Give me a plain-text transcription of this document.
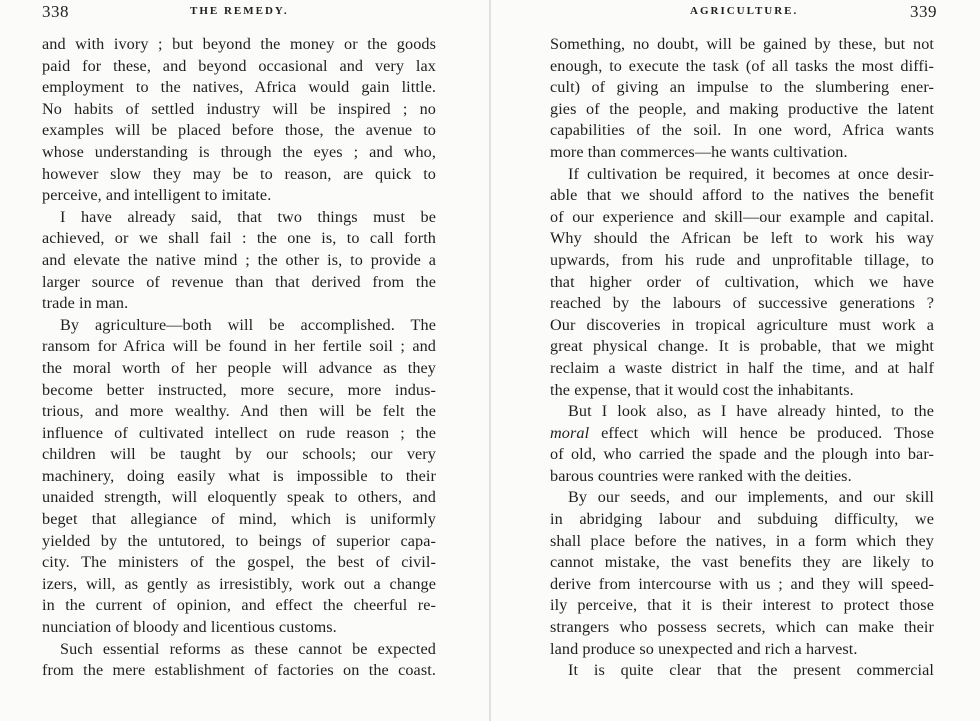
338	THE REMEDY.
and with ivory ; but beyond the money or the goods
paid for these, and beyond occasional and very lax
employment to the natives, Africa would gain little.
No habits of settled industry will be inspired ; no
examples will be placed before those, the avenue to
whose understanding is through the eyes ; and who,
however slow they may be to reason, are quick to
perceive, and intelligent to imitate.
I have already said, that two things must be
achieved, or we shall fail : the one is, to call forth
and elevate the native mind ; the other is, to provide a
larger source of revenue than that derived from the
trade in man.
By agriculture—both will be accomplished. The
ransom for Africa will be found in her fertile soil ; and
the moral worth of her people will advance as they
become better instructed, more secure, more indus-
trious, and more wealthy. And then will be felt the
influence of cultivated intellect on rude reason ; the
children will be taught by our schools; our very
machinery, doing easily what is impossible to their
unaided strength, will eloquently speak to others, and
beget that allegiance of mind, which is uniformly
yielded by the untutored, to beings of superior capa-
city. The ministers of the gospel, the best of civil-
izers, will, as gently as irresistibly, work out a change
in the current of opinion, and effect the cheerful re-
nunciation of bloody and licentious customs.
Such essential reforms as these cannot be expected
from the mere establishment of factories on the coast.
AGRICULTURE.	339
Something, no doubt, will be gained by these, but not
enough, to execute the task (of all tasks the most diffi-
cult) of giving an impulse to the slumbering ener-
gies of the people, and making productive the latent
capabilities of the soil. In one word, Africa wants
more than commerces—he wants cultivation.
If cultivation be required, it becomes at once desir-
able that we should afford to the natives the benefit
of our experience and skill—our example and capital.
Why should the African be left to work his way
upwards, from his rude and unprofitable tillage, to
that higher order of cultivation, which we have
reached by the labours of successive generations ?
Our discoveries in tropical agriculture must work a
great physical change. It is probable, that we might
reclaim a waste district in half the time, and at half
the expense, that it would cost the inhabitants.
But I look also, as I have already hinted, to the
moral effect which will hence be produced. Those
of old, who carried the spade and the plough into bar-
barous countries were ranked with the deities.
By our seeds, and our implements, and our skill
in abridging labour and subduing difficulty, we
shall place before the natives, in a form which they
cannot mistake, the vast benefits they are likely to
derive from intercourse with us ; and they will speed-
ily perceive, that it is their interest to protect those
strangers who possess secrets, which can make their
land produce so unexpected and rich a harvest.
It is quite clear that the present commercial
